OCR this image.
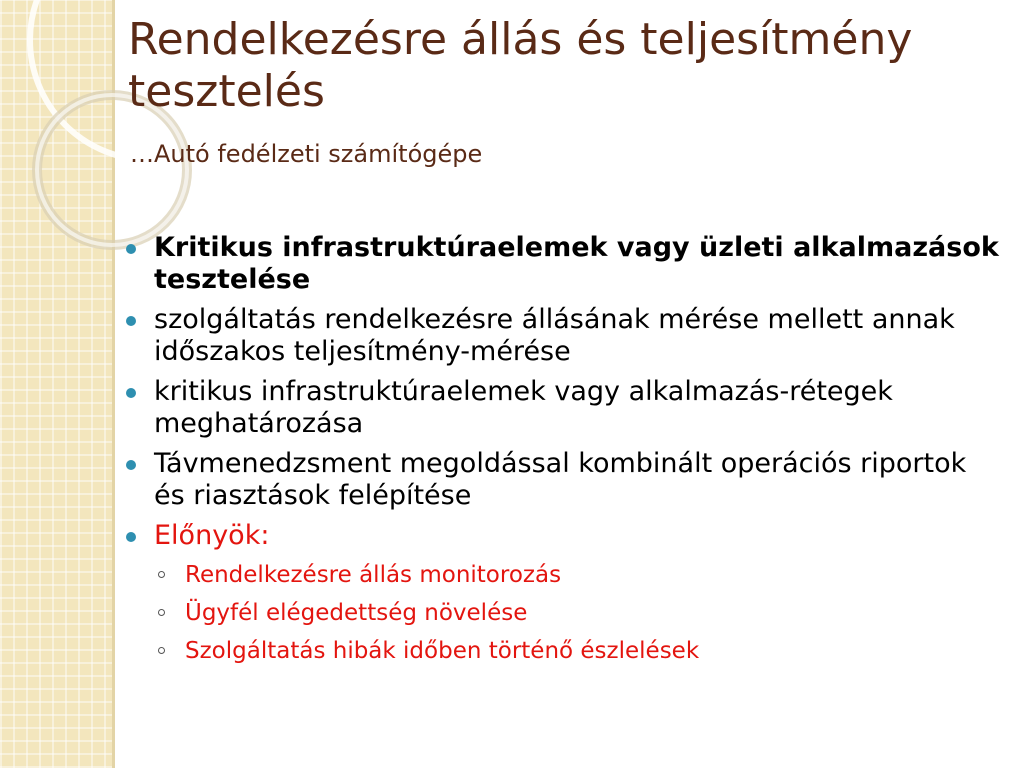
Rendelkezésre állás és teljesítmény tesztelés
…Autó fedélzeti számítógépe
Kritikus infrastruktúraelemek vagy üzleti alkalmazások tesztelése
szolgáltatás rendelkezésre állásának mérése mellett annak időszakos teljesítmény-mérése
kritikus infrastruktúraelemek vagy alkalmazás-rétegek meghatározása
Távmenedzsment megoldással kombinált operációs riportok és riasztások felépítése
Előnyök:
Rendelkezésre állás monitorozás
Ügyfél elégedettség növelése
Szolgáltatás hibák időben történő észlelések
